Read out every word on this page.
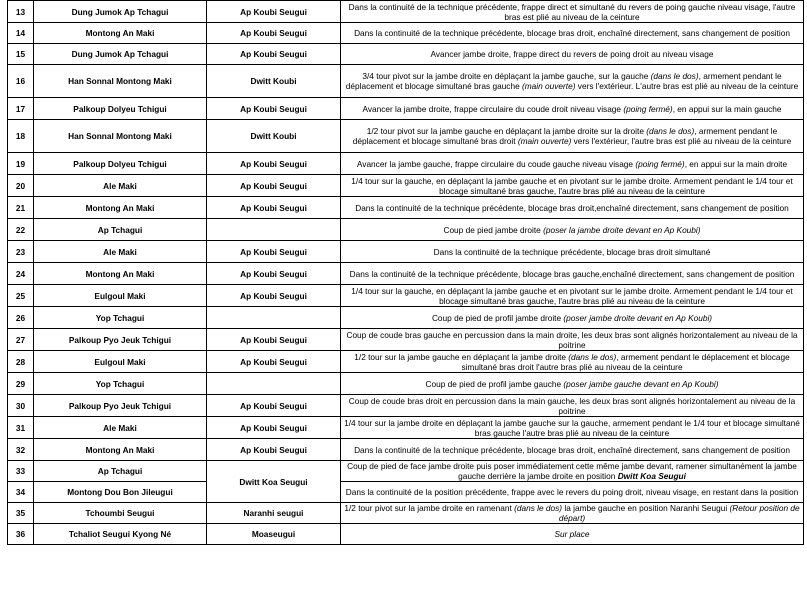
13	Dung Jumok Ap Tchagui	Ap Koubi Seugui	Dans la continuité de la technique précédente, frappe direct et simultané du revers de poing gauche niveau visage, l'autre bras est plié au niveau de la ceinture
14	Montong An Maki	Ap Koubi Seugui	Dans la continuité de la technique précédente, blocage bras droit, enchaîné directement, sans changement de position
15	Dung Jumok Ap Tchagui	Ap Koubi Seugui	Avancer jambe droite, frappe direct du revers de poing droit au niveau visage
16	Han Sonnal Montong Maki	Dwitt Koubi	3/4 tour pivot sur la jambe droite en déplaçant la jambe gauche, sur la gauche (dans le dos), armement pendant le déplacement et blocage simultané bras gauche (main ouverte) vers l'extérieur. L'autre bras est plié au niveau de la ceinture
17	Palkoup Dolyeu Tchigui	Ap Koubi Seugui	Avancer la jambe droite, frappe circulaire du coude droit niveau visage (poing fermé), en appui sur la main gauche
18	Han Sonnal Montong Maki	Dwitt Koubi	1/2 tour pivot sur la jambe gauche en déplaçant la jambe droite sur la droite (dans le dos), armement pendant le déplacement et blocage simultané bras droit (main ouverte) vers l'extérieur, l'autre bras est plié au niveau de la ceinture
19	Palkoup Dolyeu Tchigui	Ap Koubi Seugui	Avancer la jambe gauche, frappe circulaire du coude gauche niveau visage (poing fermé), en appui sur la main droite
20	Ale Maki	Ap Koubi Seugui	1/4 tour sur la gauche, en déplaçant la jambe gauche et en pivotant sur le jambe droite. Armement pendant le 1/4 tour et blocage simultané bras gauche, l'autre bras plié au niveau de la ceinture
21	Montong An Maki	Ap Koubi Seugui	Dans la continuité de la technique précédente, blocage bras droit,enchaîné directement, sans changement de position
22	Ap Tchagui		Coup de pied jambe droite (poser la jambe droite devant en Ap Koubi)
23	Ale Maki	Ap Koubi Seugui	Dans la continuité de la technique précédente, blocage bras droit simultané
24	Montong An Maki	Ap Koubi Seugui	Dans la continuité de la technique précédente, blocage bras gauche,enchaîné directement, sans changement de position
25	Eulgoul Maki	Ap Koubi Seugui	1/4 tour sur la gauche, en déplaçant la jambe gauche et en pivotant sur le jambe droite. Armement pendant le 1/4 tour et blocage simultané bras gauche, l'autre bras plié au niveau de la ceinture
26	Yop Tchagui		Coup de pied de profil jambe droite (poser jambe droite devant en Ap Koubi)
27	Palkoup Pyo Jeuk Tchigui	Ap Koubi Seugui	Coup de coude bras gauche en percussion dans la main droite, les deux bras sont alignés horizontalement au niveau de la poitrine
28	Eulgoul Maki	Ap Koubi Seugui	1/2 tour sur la jambe gauche en déplaçant la jambe droite (dans le dos), armement pendant le déplacement et blocage simultané bras droit l'autre bras plié au niveau de la ceinture
29	Yop Tchagui		Coup de pied de profil jambe gauche (poser jambe gauche devant en Ap Koubi)
30	Palkoup Pyo Jeuk Tchigui	Ap Koubi Seugui	Coup de coude bras droit en percussion dans la main gauche, les deux bras sont alignés horizontalement au niveau de la poitrine
31	Ale Maki	Ap Koubi Seugui	1/4 tour sur la jambe droite en déplaçant la jambe gauche sur la gauche, armement pendant le 1/4 tour et blocage simultané bras gauche l'autre bras plié au niveau de la ceinture
32	Montong An Maki	Ap Koubi Seugui	Dans la continuité de la technique précédente, blocage bras droit, enchaîné directement, sans changement de position
33	Ap Tchagui	Dwitt Koa Seugui	Coup de pied de face jambe droite puis poser immédiatement cette même jambe devant, ramener simultanément la jambe gauche derrière la jambe droite en position Dwitt Koa Seugui
34	Montong Dou Bon Jileugui		Dans la continuité de la position précédente, frappe avec le revers du poing droit, niveau visage, en restant dans la position
35	Tchoumbi Seugui	Naranhi seugui	1/2 tour pivot sur la jambe droite en ramenant (dans le dos) la jambe gauche en position Naranhi Seugui (Retour position de départ)
36	Tchaliot Seugui Kyong Né	Moaseugui	Sur place
